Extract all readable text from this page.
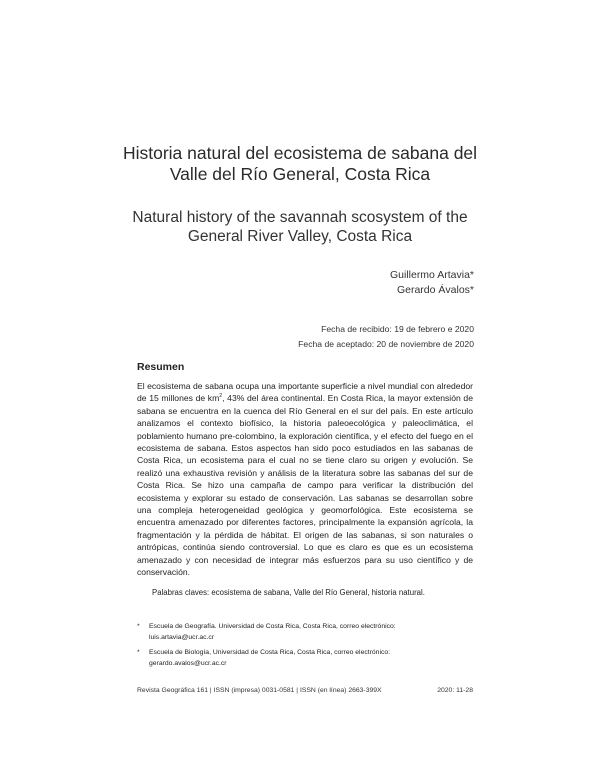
Historia natural del ecosistema de sabana del
Valle del Río General, Costa Rica
Natural history of the savannah scosystem of the
General River Valley, Costa Rica
Guillermo Artavia*
Gerardo Ávalos*
Fecha de recibido: 19 de febrero e 2020
Fecha de aceptado: 20 de noviembre de 2020
Resumen

El ecosistema de sabana ocupa una importante superficie a nivel mundial con alrededor de 15 millones de $km^2$, 43% del área continental. En Costa Rica, la mayor extensión de sabana se encuentra en la cuenca del Río General en el sur del país. En este artículo analizamos el contexto biofísico, la historia paleoecológica y paleoclimática, el poblamiento humano pre-colombino, la exploración científica, y el efecto del fuego en el ecosistema de sabana. Estos aspectos han sido poco estudiados en las sabanas de Costa Rica, un ecosistema para el cual no se tiene claro su origen y evolución. Se realizó una exhaustiva revisión y análisis de la literatura sobre las sabanas del sur de Costa Rica. Se hizo una campaña de campo para verificar la distribución del ecosistema y explorar su estado de conservación. Las sabanas se desarrollan sobre una compleja heterogeneidad geológica y geomorfológica. Este ecosistema se encuentra amenazado por diferentes factores, principalmente la expansión agrícola, la fragmentación y la pérdida de hábitat. El origen de las sabanas, si son naturales o antrópicas, continúa siendo controversial. Lo que es claro es que es un ecosistema amenazado y con necesidad de integrar más esfuerzos para su uso científico y de conservación.

Palabras claves: ecosistema de sabana, Valle del Río General, historia natural.
* Escuela de Geografía. Universidad de Costa Rica, Costa Rica, correo electrónico:
luis.artavia@ucr.ac.cr
* Escuela de Biología, Universidad de Costa Rica, Costa Rica, correo electrónico:
gerardo.avalos@ucr.ac.cr
Revista Geográfica 161 | ISSN (impresa) 0031-0581 | ISSN (en línea) 2663-399X	2020: 11-28
